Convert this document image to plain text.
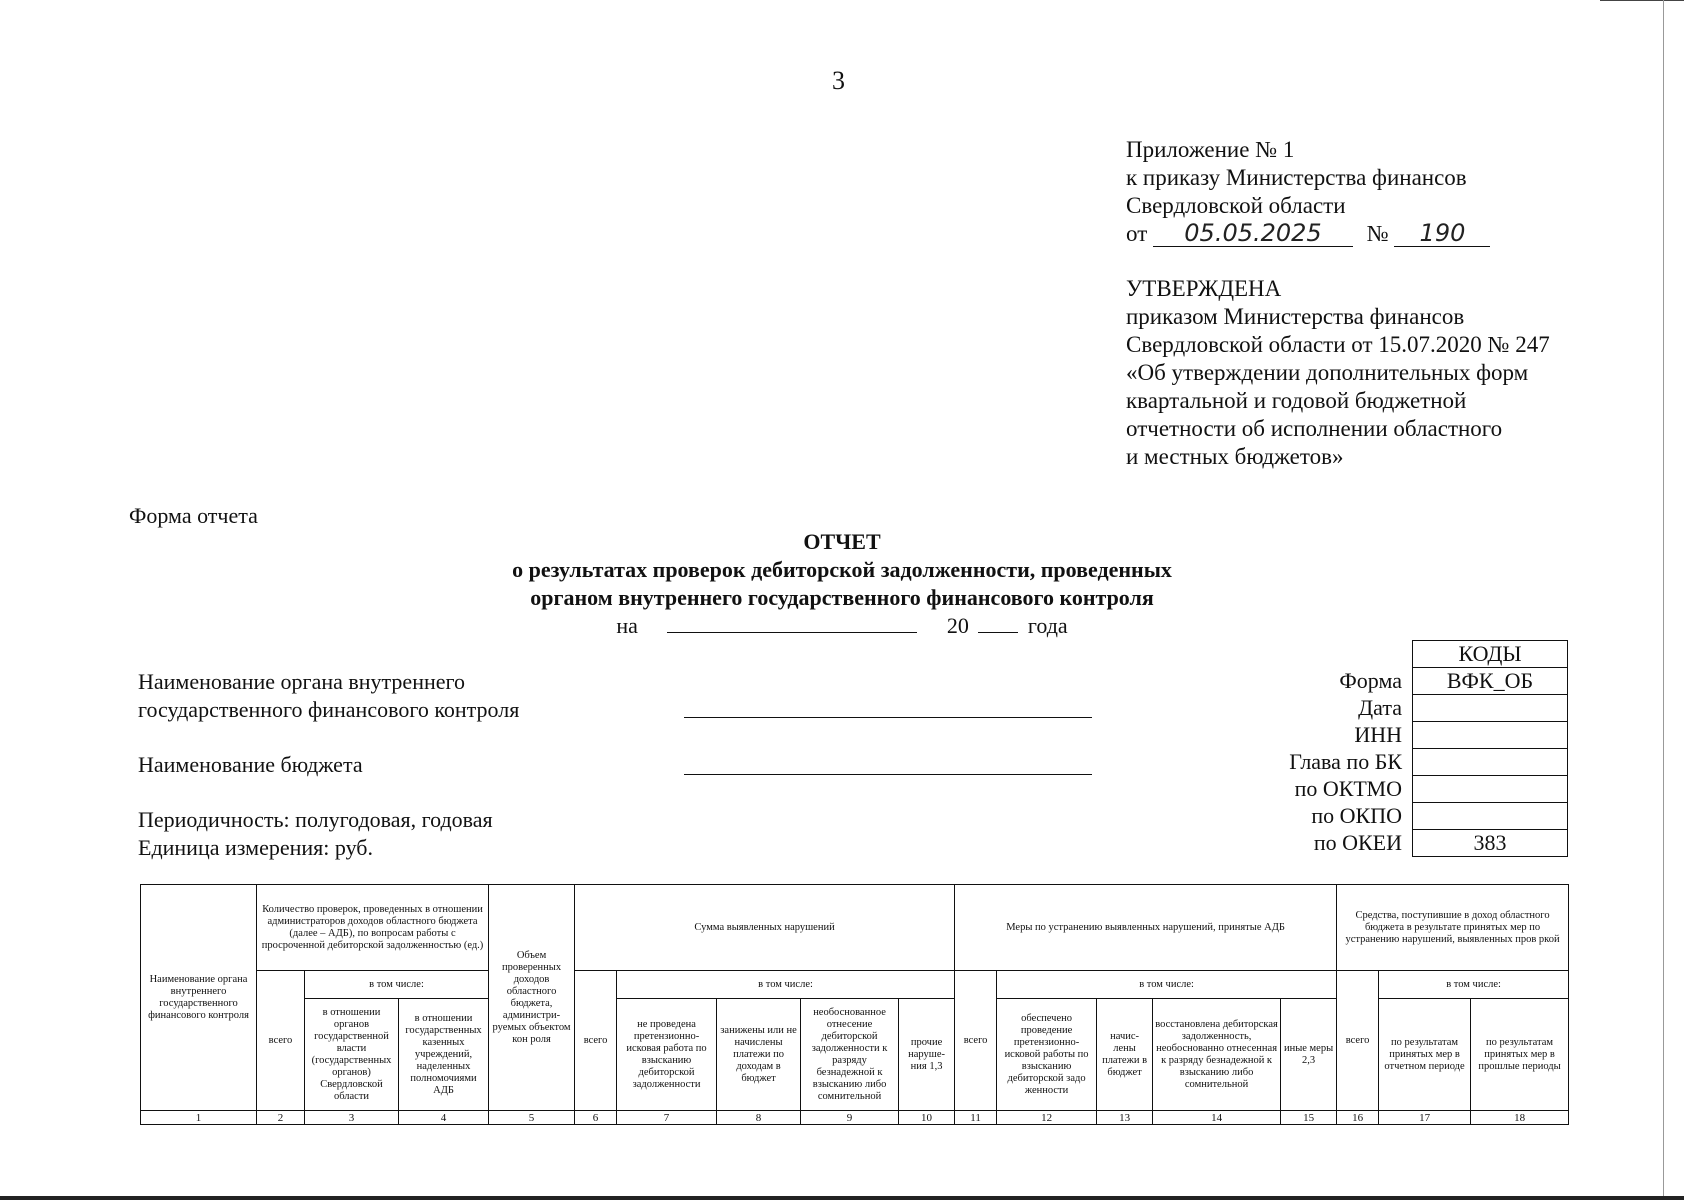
3
Приложение № 1
к приказу Министерства финансов
Свердловской области
от 05.05.2025 № 190
УТВЕРЖДЕНА
приказом Министерства финансов
Свердловской области от 15.07.2020 № 247
«Об утверждении дополнительных форм
квартальной и годовой бюджетной
отчетности об исполнении областного
и местных бюджетов»
Форма отчета
ОТЧЕТ
о результатах проверок дебиторской задолженности, проведенных
органом внутреннего государственного финансового контроля
на	20	года
Наименование органа внутреннего
государственного финансового контроля
Наименование бюджета
Периодичность: полугодовая, годовая
Единица измерения: руб.
	КОДЫ
Форма	ВФК_ОБ
Дата	
ИНН	
Глава по БК	
по ОКТМО	
по ОКПО	
по ОКЕИ	383
Наименование органа внутреннего государственного финансового контроля	Количество проверок, проведенных в отношении администраторов доходов областного бюджета (далее – АДБ), по вопросам работы с просроченной дебиторской задолженностью (ед.)			Объем проверенных доходов областного бюджета, администри-руемых объектом кон роля	Сумма выявленных нарушений					Меры по устранению выявленных нарушений, принятые АДБ					Средства, поступившие в доход областного бюджета в результате принятых мер по устранению нарушений, выявленных пров ркой		
	всего	в том числе:			всего	в том числе:				всего	в том числе:				всего	в том числе:	
		в отношении органов государственной власти (государственных органов) Свердловской области	в отношении государственных казенных учреждений, наделенных полномочиями АДБ			не проведена претензионно-исковая работа по взысканию дебиторской задолженности	занижены или не начислены платежи по доходам в бюджет	необоснованное отнесение дебиторской задолженности к разряду безнадежной к взысканию либо сомнительной	прочие наруше-ния 1,3		обеспечено проведение претензионно-исковой работы по взысканию дебиторской задо женности	начис-лены платежи в бюджет	восстановлена дебиторская задолженность, необоснованно отнесенная к разряду безнадежной к взысканию либо сомнительной	иные меры 2,3		по результатам принятых мер в отчетном периоде	по результатам принятых мер в прошлые периоды
1	2	3	4	5	6	7	8	9	10	11	12	13	14	15	16	17	18
